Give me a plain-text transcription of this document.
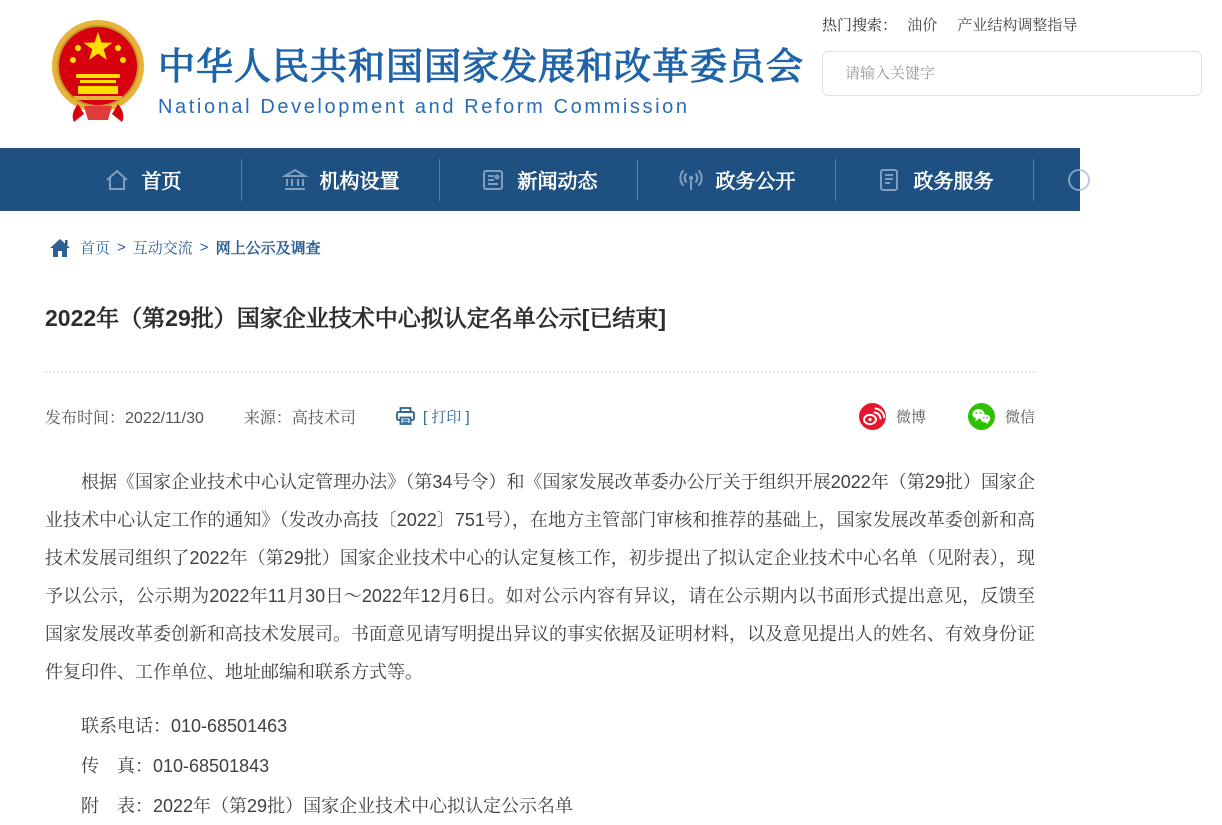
中华人民共和国国家发展和改革委员会
National Development and Reform Commission
热门搜索： 油价 产业结构调整指导
请输入关键字
首页	机构设置	新闻动态	政务公开	政务服务
首页 > 互动交流 > 网上公示及调查
2022年（第29批）国家企业技术中心拟认定名单公示[已结束]
发布时间：2022/11/30	来源：高技术司	[ 打印 ]	微博	微信

根据《国家企业技术中心认定管理办法》（第34号令）和《国家发展改革委办公厅关于组织开展2022年（第29批）国家企业技术中心认定工作的通知》（发改办高技〔2022〕751号），在地方主管部门审核和推荐的基础上，国家发展改革委创新和高技术发展司组织了2022年（第29批）国家企业技术中心的认定复核工作，初步提出了拟认定企业技术中心名单（见附表），现予以公示，公示期为2022年11月30日～2022年12月6日。如对公示内容有异议，请在公示期内以书面形式提出意见，反馈至国家发展改革委创新和高技术发展司。书面意见请写明提出异议的事实依据及证明材料，以及意见提出人的姓名、有效身份证件复印件、工作单位、地址邮编和联系方式等。

联系电话：010-68501463

传　真：010-68501843

附　表：2022年（第29批）国家企业技术中心拟认定公示名单
